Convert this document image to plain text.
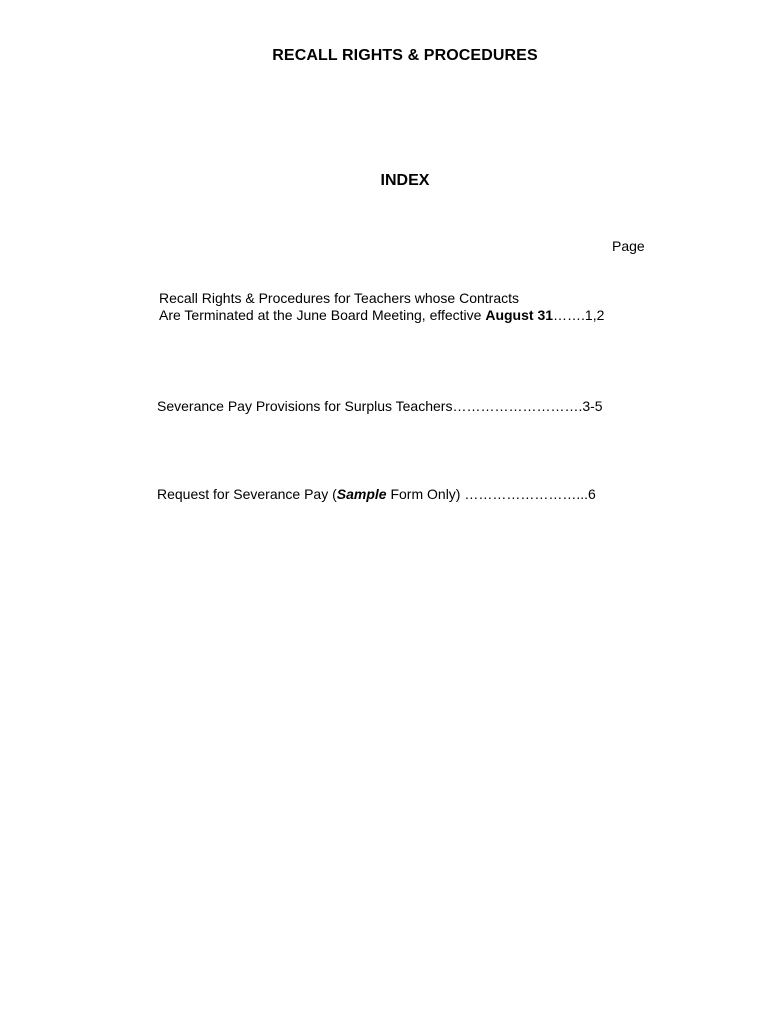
RECALL RIGHTS & PROCEDURES
INDEX
Page
Recall Rights & Procedures for Teachers whose Contracts
Are Terminated at the June Board Meeting, effective August 31…….1,2
Severance Pay Provisions for Surplus Teachers……………………….3-5
Request for Severance Pay (Sample Form Only) ……………………...6
